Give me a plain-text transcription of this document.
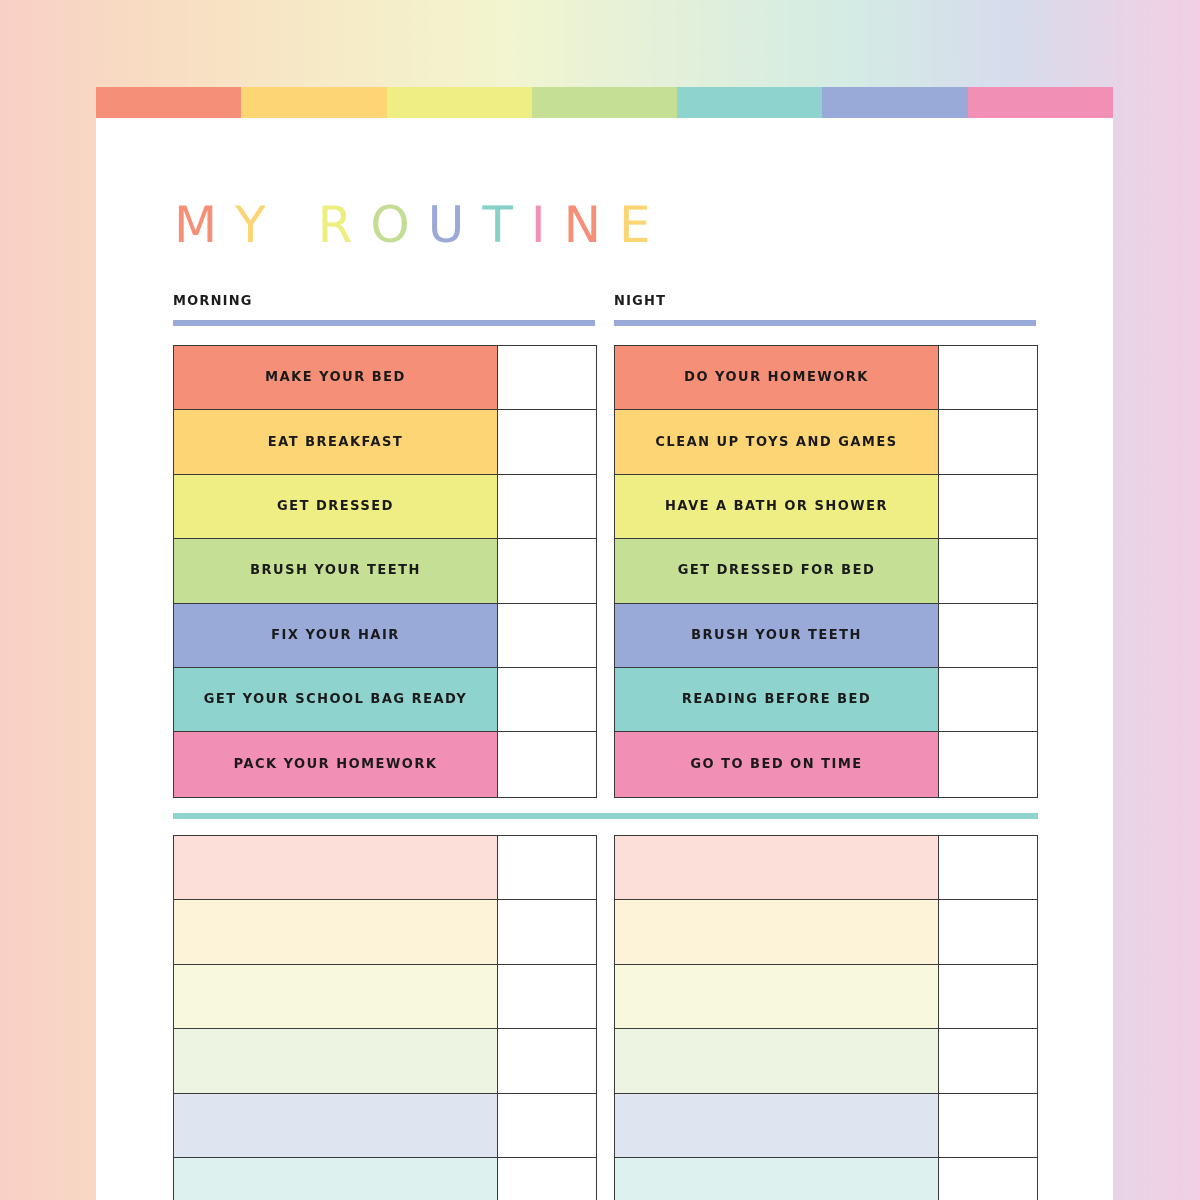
MY ROUTINE
MORNING	NIGHT
MAKE YOUR BED
EAT BREAKFAST
GET DRESSED
BRUSH YOUR TEETH
FIX YOUR HAIR
GET YOUR SCHOOL BAG READY
PACK YOUR HOMEWORK
DO YOUR HOMEWORK
CLEAN UP TOYS AND GAMES
HAVE A BATH OR SHOWER
GET DRESSED FOR BED
BRUSH YOUR TEETH
READING BEFORE BED
GO TO BED ON TIME
